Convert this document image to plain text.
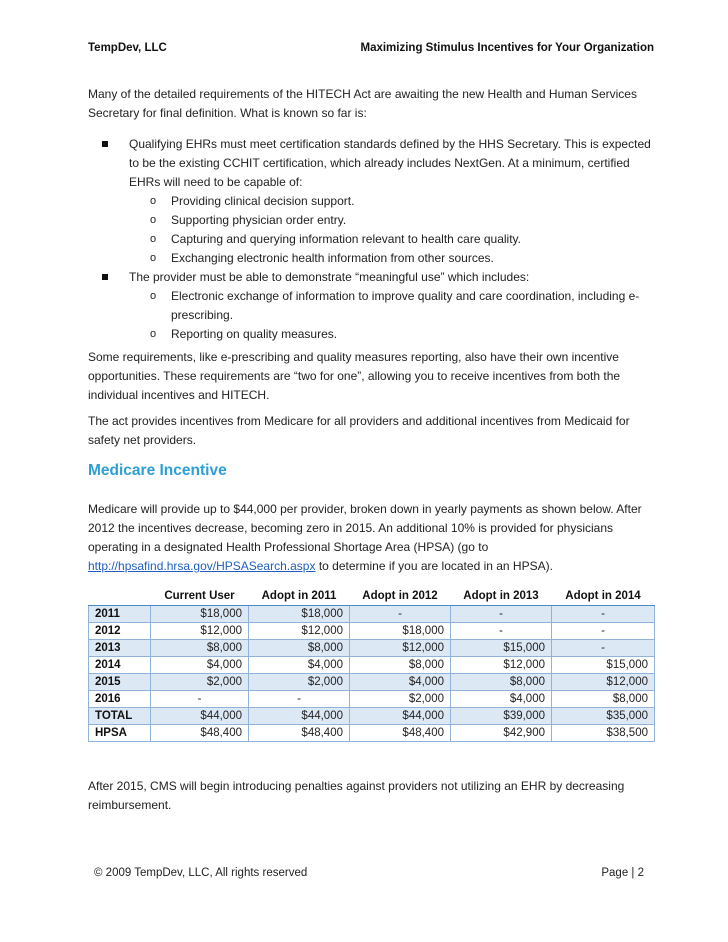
TempDev, LLC	Maximizing Stimulus Incentives for Your Organization
Many of the detailed requirements of the HITECH Act are awaiting the new Health and Human Services Secretary for final definition. What is known so far is:
Qualifying EHRs must meet certification standards defined by the HHS Secretary. This is expected to be the existing CCHIT certification, which already includes NextGen. At a minimum, certified EHRs will need to be capable of:
o Providing clinical decision support.
o Supporting physician order entry.
o Capturing and querying information relevant to health care quality.
o Exchanging electronic health information from other sources.
The provider must be able to demonstrate “meaningful use” which includes:
o Electronic exchange of information to improve quality and care coordination, including e-prescribing.
o Reporting on quality measures.
Some requirements, like e-prescribing and quality measures reporting, also have their own incentive opportunities. These requirements are “two for one”, allowing you to receive incentives from both the individual incentives and HITECH.
The act provides incentives from Medicare for all providers and additional incentives from Medicaid for safety net providers.
Medicare Incentive
Medicare will provide up to $44,000 per provider, broken down in yearly payments as shown below. After 2012 the incentives decrease, becoming zero in 2015. An additional 10% is provided for physicians operating in a designated Health Professional Shortage Area (HPSA) (go to
http://hpsafind.hrsa.gov/HPSASearch.aspx to determine if you are located in an HPSA).
	Current User	Adopt in 2011	Adopt in 2012	Adopt in 2013	Adopt in 2014
2011	$18,000	$18,000	-	-	-
2012	$12,000	$12,000	$18,000	-	-
2013	$8,000	$8,000	$12,000	$15,000	-
2014	$4,000	$4,000	$8,000	$12,000	$15,000
2015	$2,000	$2,000	$4,000	$8,000	$12,000
2016	-	-	$2,000	$4,000	$8,000
TOTAL	$44,000	$44,000	$44,000	$39,000	$35,000
HPSA	$48,400	$48,400	$48,400	$42,900	$38,500
After 2015, CMS will begin introducing penalties against providers not utilizing an EHR by decreasing reimbursement.
© 2009 TempDev, LLC, All rights reserved	Page | 2
